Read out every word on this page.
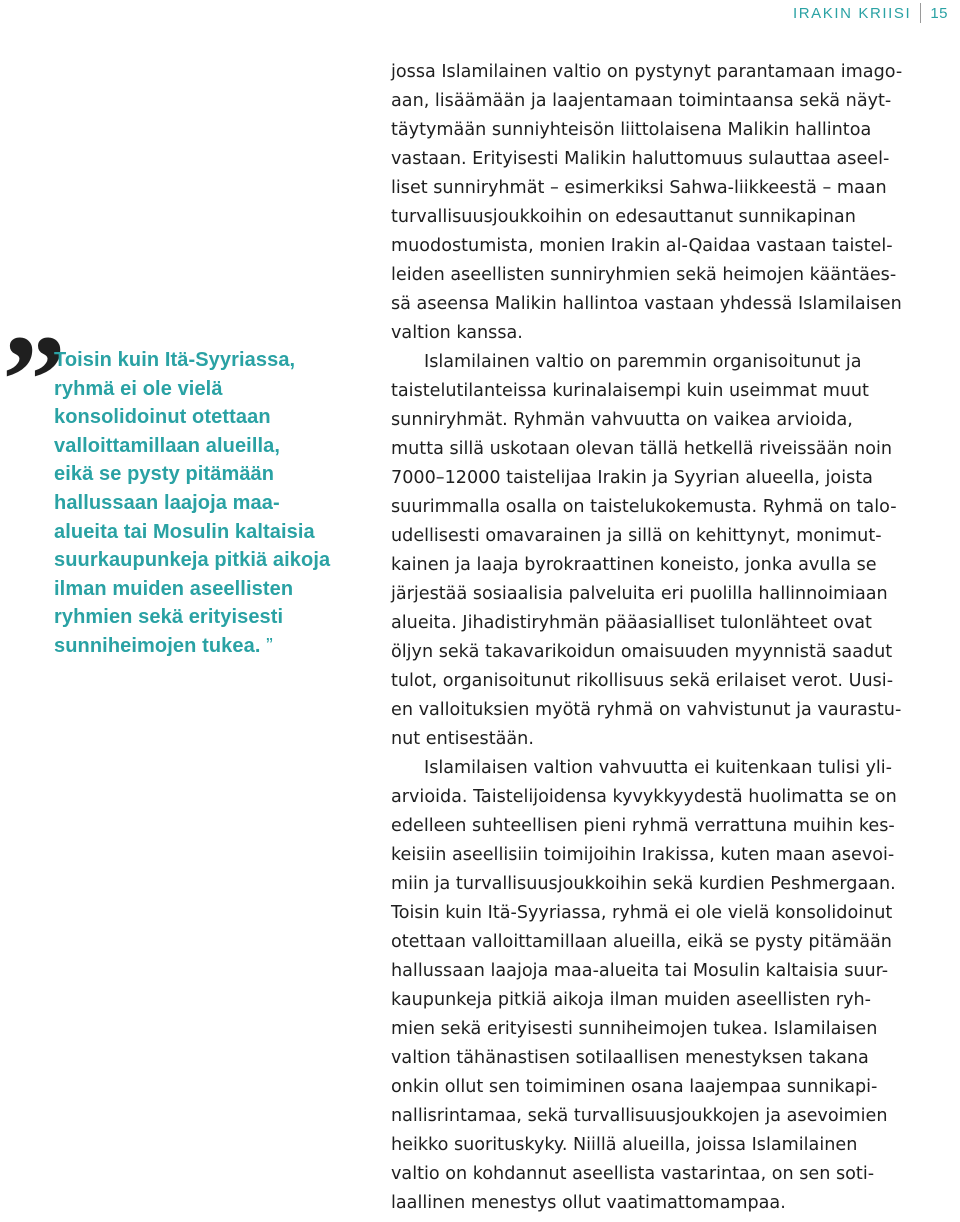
IRAKIN KRIISI 15
”
Toisin kuin Itä-Syyriassa,
ryhmä ei ole vielä
konsolidoinut otettaan
valloittamillaan alueilla,
eikä se pysty pitämään
hallussaan laajoja maa-
alueita tai Mosulin kaltaisia
suurkaupunkeja pitkiä aikoja
ilman muiden aseellisten
ryhmien sekä erityisesti
sunniheimojen tukea. ”
jossa Islamilainen valtio on pystynyt parantamaan imago-
aan, lisäämään ja laajentamaan toimintaansa sekä näyt-
täytymään sunniyhteisön liittolaisena Malikin hallintoa
vastaan. Erityisesti Malikin haluttomuus sulauttaa aseel-
liset sunniryhmät – esimerkiksi Sahwa-liikkeestä – maan
turvallisuusjoukkoihin on edesauttanut sunnikapinan
muodostumista, monien Irakin al-Qaidaa vastaan taistel-
leiden aseellisten sunniryhmien sekä heimojen kääntäes-
sä aseensa Malikin hallintoa vastaan yhdessä Islamilaisen
valtion kanssa.
Islamilainen valtio on paremmin organisoitunut ja
taistelutilanteissa kurinalaisempi kuin useimmat muut
sunniryhmät. Ryhmän vahvuutta on vaikea arvioida,
mutta sillä uskotaan olevan tällä hetkellä riveissään noin
7000–12000 taistelijaa Irakin ja Syyrian alueella, joista
suurimmalla osalla on taistelukokemusta. Ryhmä on talo-
udellisesti omavarainen ja sillä on kehittynyt, monimut-
kainen ja laaja byrokraattinen koneisto, jonka avulla se
järjestää sosiaalisia palveluita eri puolilla hallinnoimiaan
alueita. Jihadistiryhmän pääasialliset tulonlähteet ovat
öljyn sekä takavarikoidun omaisuuden myynnistä saadut
tulot, organisoitunut rikollisuus sekä erilaiset verot. Uusi-
en valloituksien myötä ryhmä on vahvistunut ja vaurastu-
nut entisestään.
Islamilaisen valtion vahvuutta ei kuitenkaan tulisi yli-
arvioida. Taistelijoidensa kyvykkyydestä huolimatta se on
edelleen suhteellisen pieni ryhmä verrattuna muihin kes-
keisiin aseellisiin toimijoihin Irakissa, kuten maan asevoi-
miin ja turvallisuusjoukkoihin sekä kurdien Peshmergaan.
Toisin kuin Itä-Syyriassa, ryhmä ei ole vielä konsolidoinut
otettaan valloittamillaan alueilla, eikä se pysty pitämään
hallussaan laajoja maa-alueita tai Mosulin kaltaisia suur-
kaupunkeja pitkiä aikoja ilman muiden aseellisten ryh-
mien sekä erityisesti sunniheimojen tukea. Islamilaisen
valtion tähänastisen sotilaallisen menestyksen takana
onkin ollut sen toimiminen osana laajempaa sunnikapi-
nallisrintamaa, sekä turvallisuusjoukkojen ja asevoimien
heikko suorituskyky. Niillä alueilla, joissa Islamilainen
valtio on kohdannut aseellista vastarintaa, on sen soti-
laallinen menestys ollut vaatimattomampaa.
